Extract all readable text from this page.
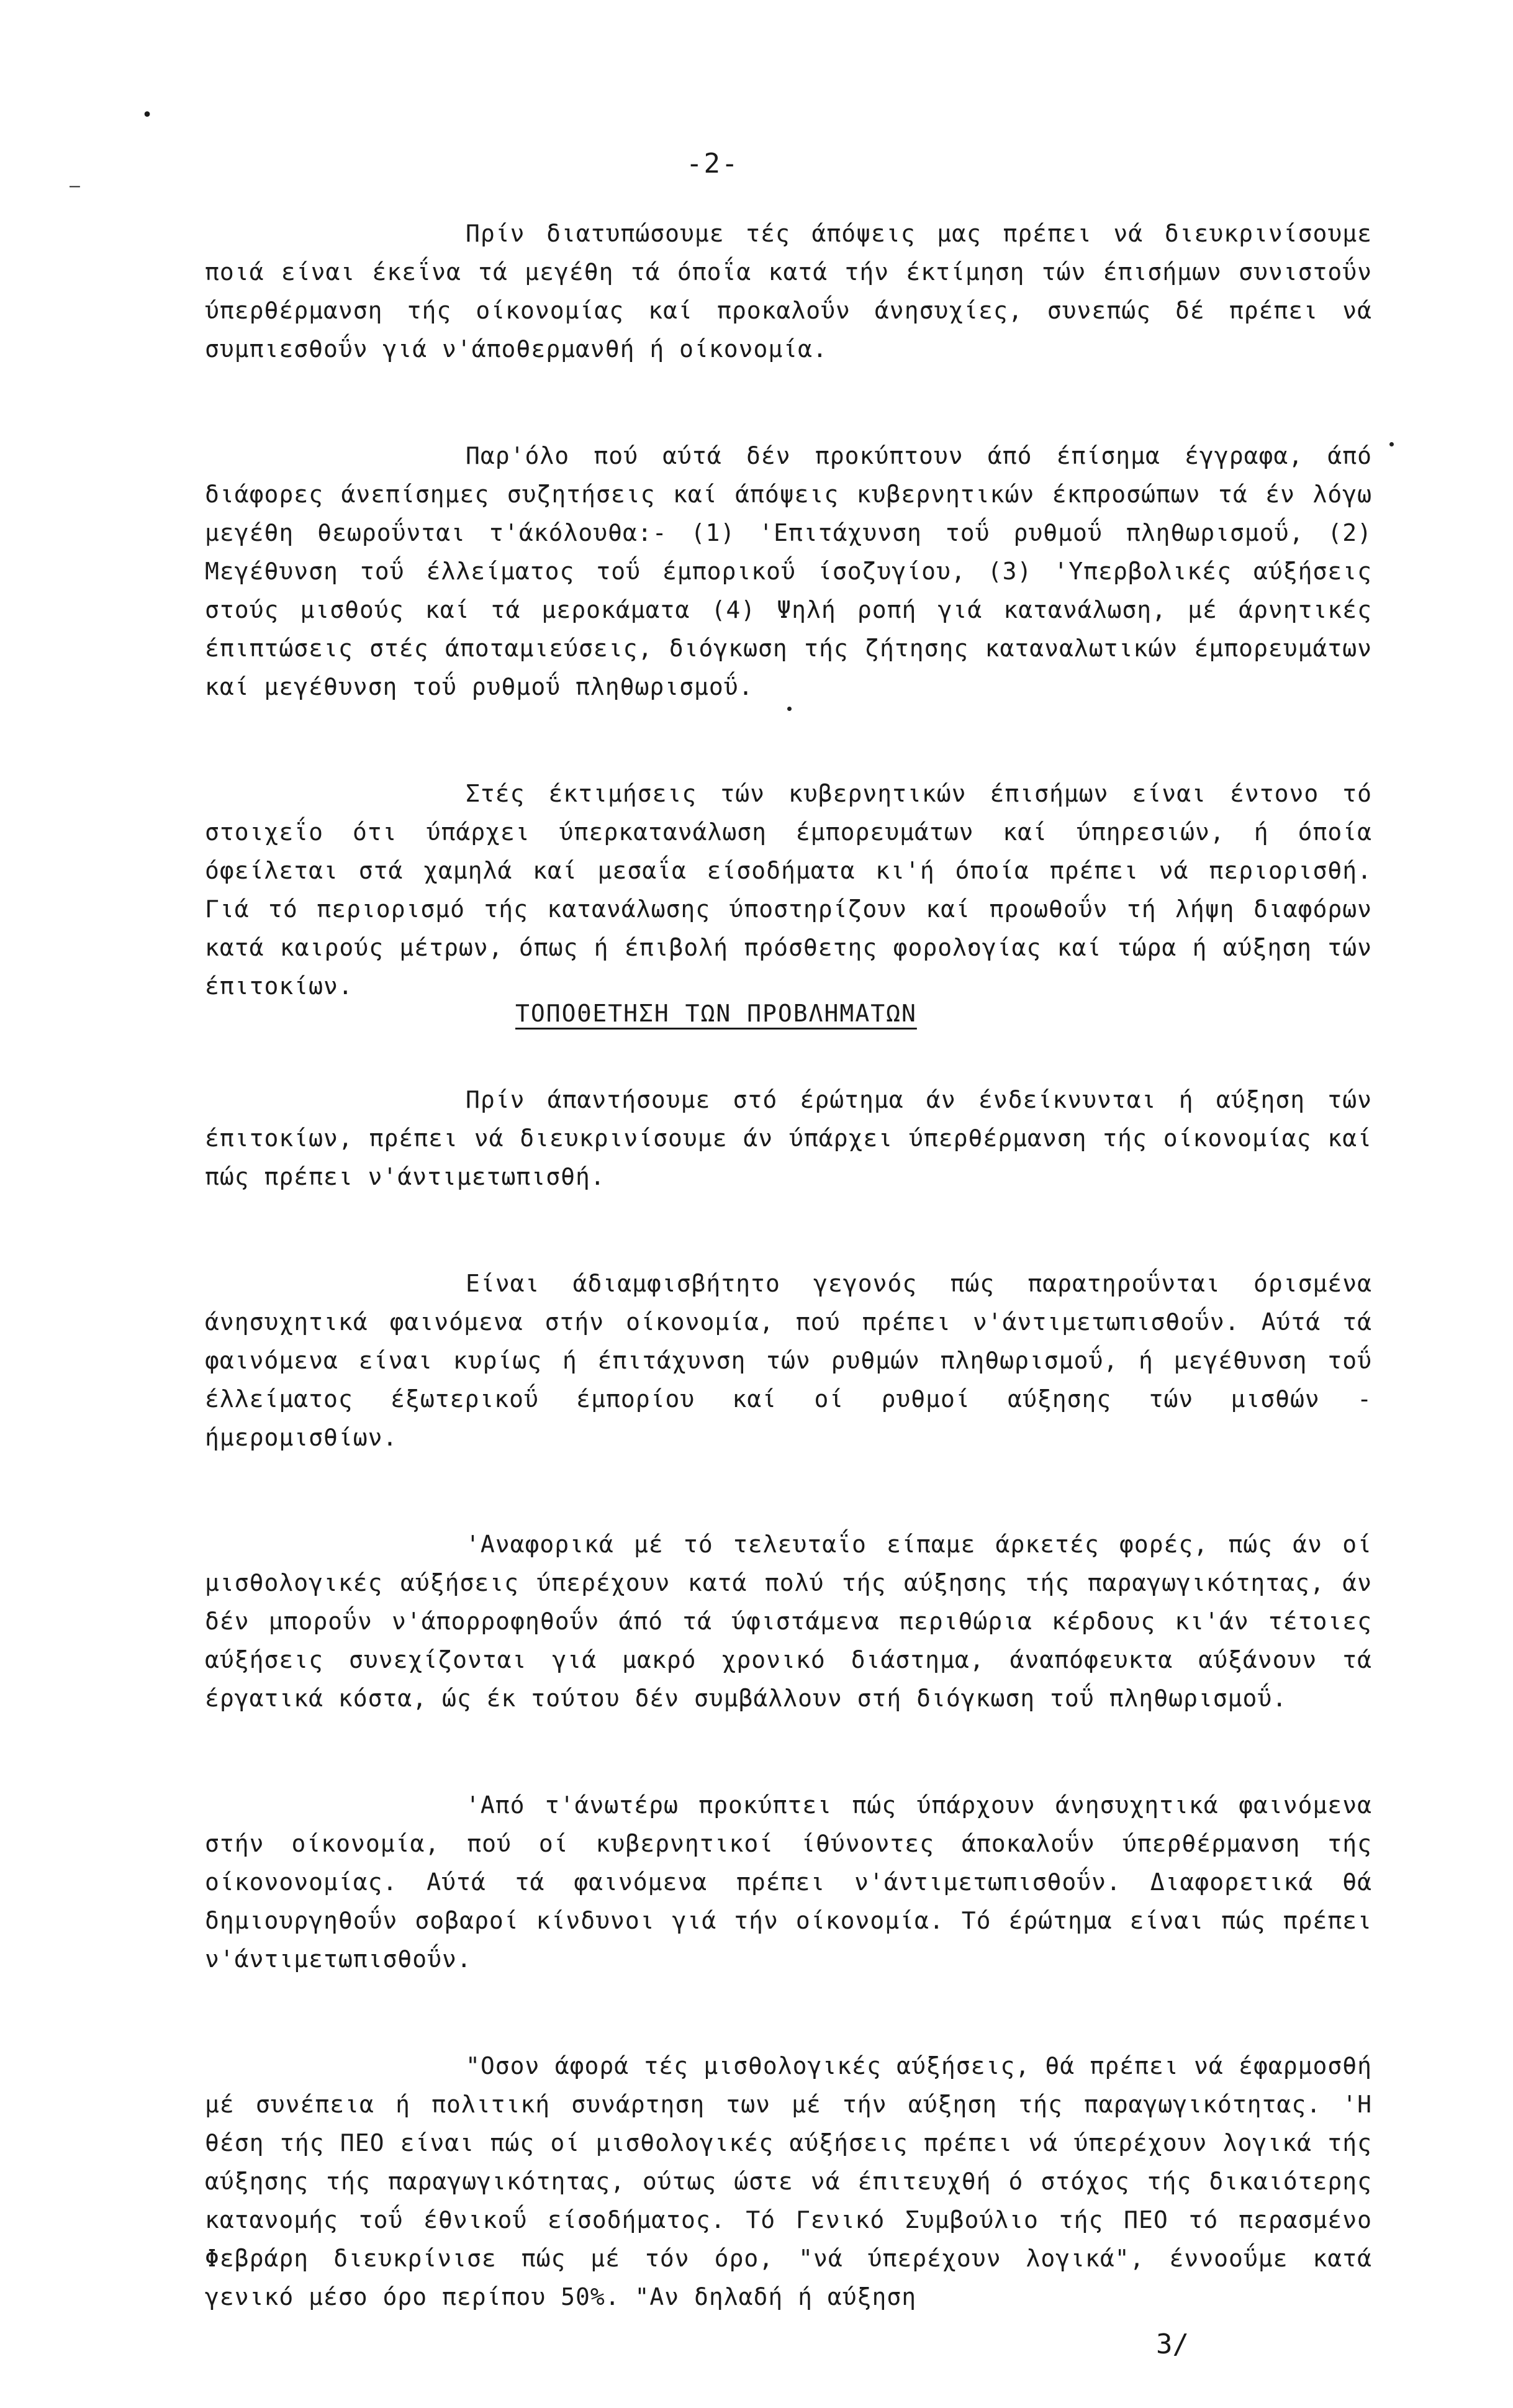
•
–
-2-

Πρίν διατυπώσουμε τές άπόψεις μας πρέπει νά διευκρινίσουμε ποιά είναι έκεΐνα τά μεγέθη τά όποΐα κατά τήν έκτίμηση τών έπισήμων συνιστοΰν ύπερθέρμανση τής οίκονομίας καί προκαλοΰν άνησυχίες, συνεπώς δέ πρέπει νά συμπιεσθοΰν γιά ν'άποθερμανθή ή οίκονομία.

Παρ'όλο πού αύτά δέν προκύπτουν άπό έπίσημα έγγραφα, άπό διάφορες άνεπίσημες συζητήσεις καί άπόψεις κυβερνητικών έκπροσώπων τά έν λόγω μεγέθη θεωροΰνται τ'άκόλουθα:- (1) 'Επιτάχυνση τοΰ ρυθμοΰ πληθωρισμοΰ, (2) Μεγέθυνση τοΰ έλλείματος τοΰ έμπορικοΰ ίσοζυγίου, (3) 'Υπερβολικές αύξήσεις στούς μισθούς καί τά μεροκάματα (4) Ψηλή ροπή γιά κατανάλωση, μέ άρνητικές έπιπτώσεις στές άποταμιεύσεις, διόγκωση τής ζήτησης καταναλωτικών έμπορευμάτων καί μεγέθυνση τοΰ ρυθμοΰ πληθωρισμοΰ.

Στές έκτιμήσεις τών κυβερνητικών έπισήμων είναι έντονο τό στοιχεΐο ότι ύπάρχει ύπερκατανάλωση έμπορευμάτων καί ύπηρεσιών, ή όποία όφείλεται στά χαμηλά καί μεσαΐα είσοδήματα κι'ή όποία πρέπει νά περιορισθή. Γιά τό περιορισμό τής κατανάλωσης ύποστηρίζουν καί προωθοΰν τή λήψη διαφόρων κατά καιρούς μέτρων, όπως ή έπιβολή πρόσθετης φορολογίας καί τώρα ή αύξηση τών έπιτοκίων.

ΤΟΠΟΘΕΤΗΣΗ ΤΩΝ ΠΡΟΒΛΗΜΑΤΩΝ

Πρίν άπαντήσουμε στό έρώτημα άν ένδείκνυνται ή αύξηση τών έπιτοκίων, πρέπει νά διευκρινίσουμε άν ύπάρχει ύπερθέρμανση τής οίκονομίας καί πώς πρέπει ν'άντιμετωπισθή.

Είναι άδιαμφισβήτητο γεγονός πώς παρατηροΰνται όρισμένα άνησυχητικά φαινόμενα στήν οίκονομία, πού πρέπει ν'άντιμετωπισθοΰν. Αύτά τά φαινόμενα είναι κυρίως ή έπιτάχυνση τών ρυθμών πληθωρισμοΰ, ή μεγέθυνση τοΰ έλλείματος έξωτερικοΰ έμπορίου καί οί ρυθμοί αύξησης τών μισθών - ήμερομισθίων.

'Αναφορικά μέ τό τελευταΐο είπαμε άρκετές φορές, πώς άν οί μισθολογικές αύξήσεις ύπερέχουν κατά πολύ τής αύξησης τής παραγωγικότητας, άν δέν μποροΰν ν'άπορροφηθοΰν άπό τά ύφιστάμενα περιθώρια κέρδους κι'άν τέτοιες αύξήσεις συνεχίζονται γιά μακρό χρονικό διάστημα, άναπόφευκτα αύξάνουν τά έργατικά κόστα, ώς έκ τούτου δέν συμβάλλουν στή διόγκωση τοΰ πληθωρισμοΰ.

'Από τ'άνωτέρω προκύπτει πώς ύπάρχουν άνησυχητικά φαινόμενα στήν οίκονομία, πού οί κυβερνητικοί ίθύνοντες άποκαλοΰν ύπερθέρμανση τής οίκονονομίας. Αύτά τά φαινόμενα πρέπει ν'άντιμετωπισθοΰν. Διαφορετικά θά δημιουργηθοΰν σοβαροί κίνδυνοι γιά τήν οίκονομία. Τό έρώτημα είναι πώς πρέπει ν'άντιμετωπισθοΰν.

"Οσον άφορά τές μισθολογικές αύξήσεις, θά πρέπει νά έφαρμοσθή μέ συνέπεια ή πολιτική συνάρτηση των μέ τήν αύξηση τής παραγωγικότητας. 'Η θέση τής ΠΕΟ είναι πώς οί μισθολογικές αύξήσεις πρέπει νά ύπερέχουν λογικά τής αύξησης τής παραγωγικότητας, ούτως ώστε νά έπιτευχθή ό στόχος τής δικαιότερης κατανομής τοΰ έθνικοΰ είσοδήματος. Τό Γενικό Συμβούλιο τής ΠΕΟ τό περασμένο Φεβράρη διευκρίνισε πώς μέ τόν όρο, "νά ύπερέχουν λογικά", έννοοΰμε κατά γενικό μέσο όρο περίπου 50%. "Αν δηλαδή ή αύξηση

3/
